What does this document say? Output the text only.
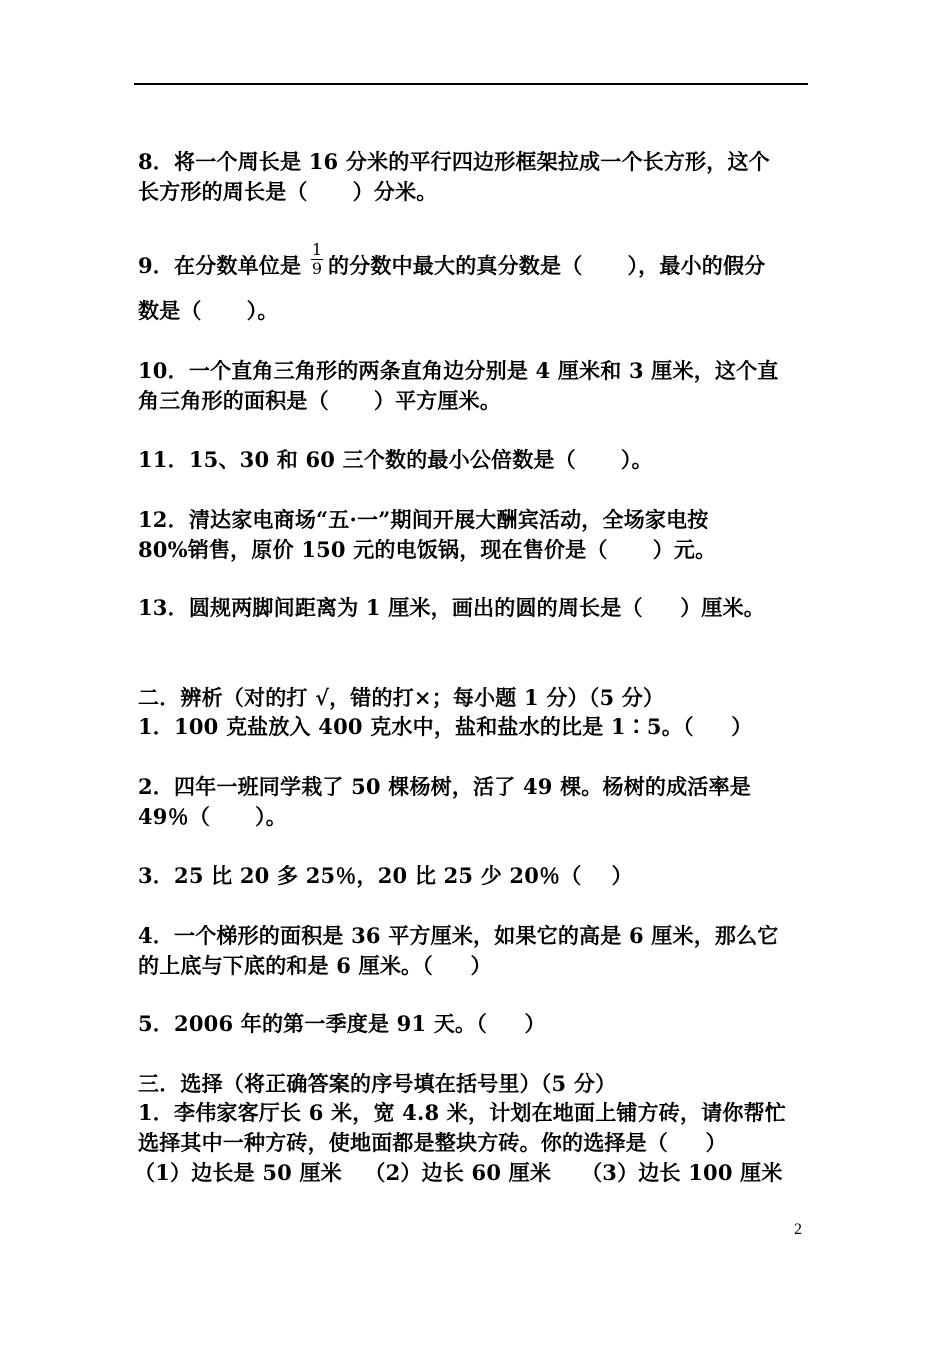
8．将一个周长是 16 分米的平行四边形框架拉成一个长方形，这个
长方形的周长是（      ）分米。
9．在分数单位是
1
9 的分数中最大的真分数是（      ），最小的假分
数是（      ）。
10．一个直角三角形的两条直角边分别是 4 厘米和 3 厘米，这个直
角三角形的面积是（      ）平方厘米。
11．15、30 和 60 三个数的最小公倍数是（      ）。
12．清达家电商场“五·一”期间开展大酬宾活动，全场家电按
80%销售，原价 150 元的电饭锅，现在售价是（      ）元。
13．圆规两脚间距离为 1 厘米，画出的圆的周长是（     ）厘米。
二．辨析（对的打 √，错的打×；每小题 1 分）（5 分）
1．100 克盐放入 400 克水中，盐和盐水的比是 1∶5。（     ）
2．四年一班同学栽了 50 棵杨树，活了 49 棵。杨树的成活率是
49％（      ）。
3．25 比 20 多 25％，20 比 25 少 20％（    ）
4．一个梯形的面积是 36 平方厘米，如果它的高是 6 厘米，那么它
的上底与下底的和是 6 厘米。（     ）
5．2006 年的第一季度是 91 天。（     ）
三．选择（将正确答案的序号填在括号里）（5 分）
1．李伟家客厅长 6 米，宽 4.8 米，计划在地面上铺方砖，请你帮忙
选择其中一种方砖，使地面都是整块方砖。你的选择是（     ）
（1）边长是 50 厘米   （2）边长 60 厘米    （3）边长 100 厘米
2
